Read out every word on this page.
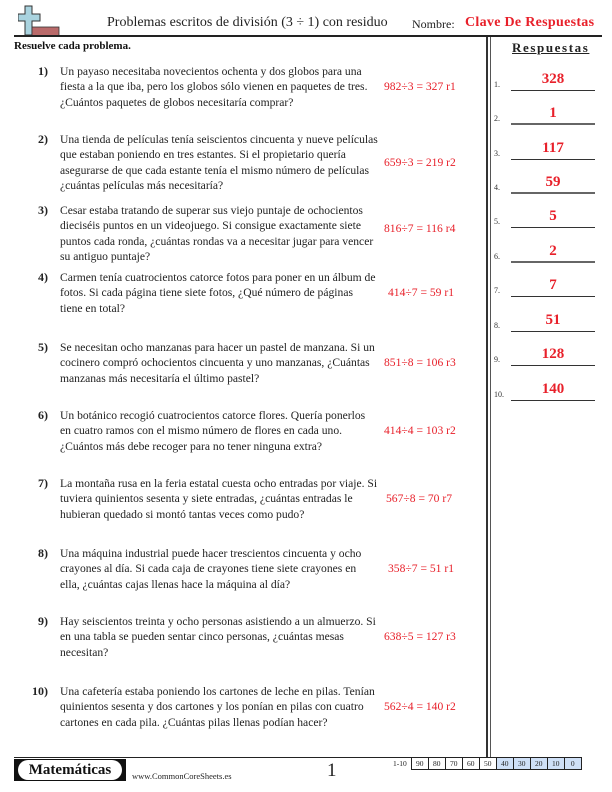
Problemas escritos de división (3 ÷ 1) con residuo Nombre: Clave De Respuestas
Resuelve cada problema.	Respuestas
1) Un payaso necesitaba novecientos ochenta y dos globos para una fiesta a la que iba, pero los globos sólo vienen en paquetes de tres. ¿Cuántos paquetes de globos necesitaría comprar?
982÷3 = 327 r1
2) Una tienda de películas tenía seiscientos cincuenta y nueve películas que estaban poniendo en tres estantes. Si el propietario quería asegurarse de que cada estante tenía el mismo número de películas ¿cuántas películas más necesitaría?
659÷3 = 219 r2
3) Cesar estaba tratando de superar sus viejo puntaje de ochocientos dieciséis puntos en un videojuego. Si consigue exactamente siete puntos cada ronda, ¿cuántas rondas va a necesitar jugar para vencer su antiguo puntaje?
816÷7 = 116 r4
4) Carmen tenía cuatrocientos catorce fotos para poner en un álbum de fotos. Si cada página tiene siete fotos, ¿Qué número de páginas tiene en total?
414÷7 = 59 r1
5) Se necesitan ocho manzanas para hacer un pastel de manzana. Si un cocinero compró ochocientos cincuenta y uno manzanas, ¿Cuántas manzanas más necesitaría el último pastel?
851÷8 = 106 r3
6) Un botánico recogió cuatrocientos catorce flores. Quería ponerlos en cuatro ramos con el mismo número de flores en cada uno. ¿Cuántos más debe recoger para no tener ninguna extra?
414÷4 = 103 r2
7) La montaña rusa en la feria estatal cuesta ocho entradas por viaje. Si tuviera quinientos sesenta y siete entradas, ¿cuántas entradas le hubieran quedado si montó tantas veces como pudo?
567÷8 = 70 r7
8) Una máquina industrial puede hacer trescientos cincuenta y ocho crayones al día. Si cada caja de crayones tiene siete crayones en ella, ¿cuántas cajas llenas hace la máquina al día?
358÷7 = 51 r1
9) Hay seiscientos treinta y ocho personas asistiendo a un almuerzo. Si en una tabla se pueden sentar cinco personas, ¿cuántas mesas necesitan?
638÷5 = 127 r3
10) Una cafetería estaba poniendo los cartones de leche en pilas. Tenían quinientos sesenta y dos cartones y los ponían en pilas con cuatro cartones en cada pila. ¿Cuántas pilas llenas podían hacer?
562÷4 = 140 r2
1.	328
2.	1
3.	117
4.	59
5.	5
6.	2
7.	7
8.	51
9.	128
10.	140
Matemáticas	www.CommonCoreSheets.es	1	1-10	90	80	70	60	50	40	30	20	10	0
